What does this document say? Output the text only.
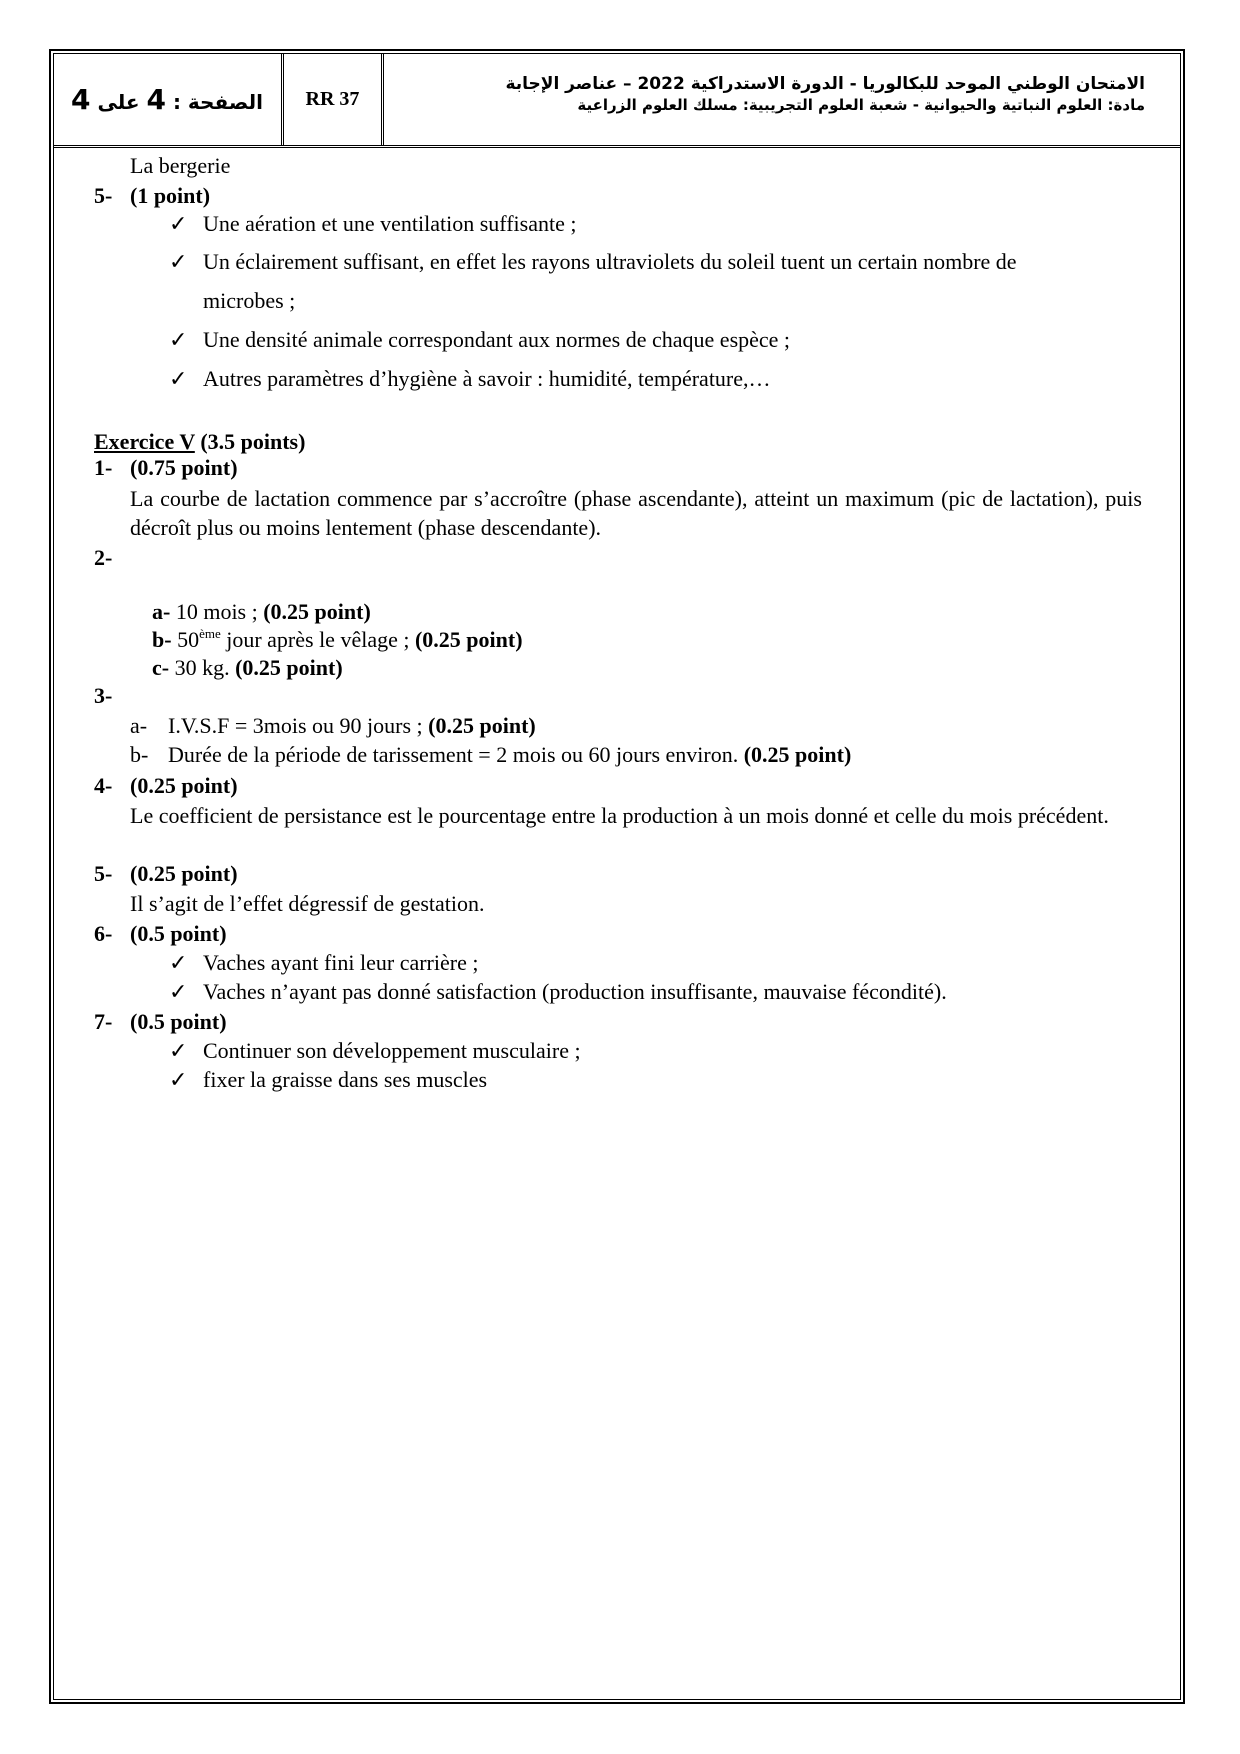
الصفحة : 4 على 4	RR 37
الامتحان الوطني الموحد للبكالوريا - الدورة الاستدراكية 2022 – عناصر الإجابة
مادة: العلوم النباتية والحيوانية - شعبة العلوم التجريبية: مسلك العلوم الزراعية
La bergerie
5- (1 point)
✓ Une aération et une ventilation suffisante ;
✓ Un éclairement suffisant, en effet les rayons ultraviolets du soleil tuent un certain nombre de
microbes ;
✓ Une densité animale correspondant aux normes de chaque espèce ;
✓ Autres paramètres d’hygiène à savoir : humidité, température,…
Exercice V (3.5 points)
1- (0.75 point)
La courbe de lactation commence par s’accroître (phase ascendante), atteint un maximum (pic de lactation), puis décroît plus ou moins lentement (phase descendante).
2-
a- 10 mois ; (0.25 point)
b- 50ème jour après le vêlage ; (0.25 point)
c- 30 kg. (0.25 point)
3-
a- I.V.S.F = 3mois ou 90 jours ; (0.25 point)
b- Durée de la période de tarissement = 2 mois ou 60 jours environ. (0.25 point)
4- (0.25 point)
Le coefficient de persistance est le pourcentage entre la production à un mois donné et celle du mois précédent.
5- (0.25 point)
Il s’agit de l’effet dégressif de gestation.
6- (0.5 point)
✓ Vaches ayant fini leur carrière ;
✓ Vaches n’ayant pas donné satisfaction (production insuffisante, mauvaise fécondité).
7- (0.5 point)
✓ Continuer son développement musculaire ;
✓ fixer la graisse dans ses muscles
